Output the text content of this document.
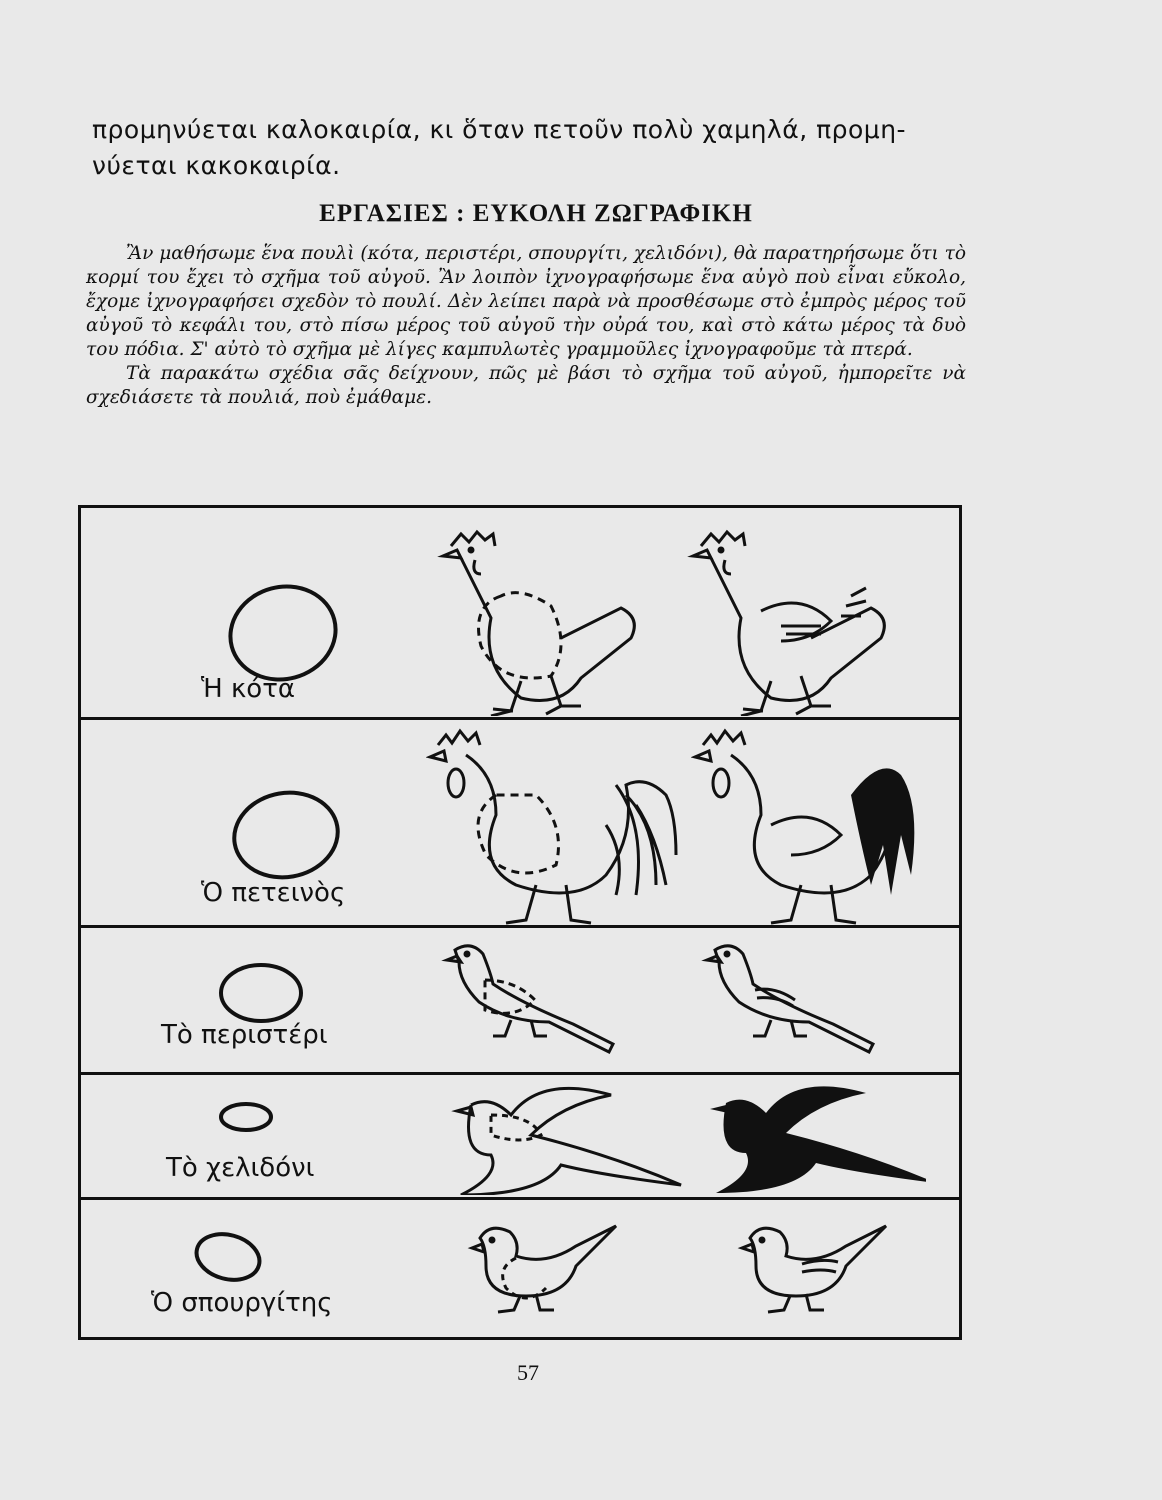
προμηνύεται καλοκαιρία, κι ὅταν πετοῦν πολὺ χαμηλά, προμη-

νύεται κακοκαιρία.

ΕΡΓΑΣΙΕΣ : ΕΥΚΟΛΗ ΖΩΓΡΑΦΙΚΗ

Ἂν μαθήσωμε ἕνα πουλὶ (κότα, περιστέρι, σπουργίτι, χελιδόνι), θὰ παρατηρήσωμε ὅτι τὸ κορμί του ἔχει τὸ σχῆμα τοῦ αὐγοῦ. Ἂν λοιπὸν ἰχνογραφήσωμε ἕνα αὐγὸ ποὺ εἶναι εὔκολο, ἔχομε ἰχνογραφήσει σχεδὸν τὸ πουλί. Δὲν λείπει παρὰ νὰ προσθέσωμε στὸ ἐμπρὸς μέρος τοῦ αὐγοῦ τὸ κεφάλι του, στὸ πίσω μέρος τοῦ αὐγοῦ τὴν οὐρά του, καὶ στὸ κάτω μέρος τὰ δυὸ του πόδια. Σ' αὐτὸ τὸ σχῆμα μὲ λίγες καμπυλωτὲς γραμμοῦλες ἰχνογραφοῦμε τὰ πτερά.

Τὰ παρακάτω σχέδια σᾶς δείχνουν, πῶς μὲ βάσι τὸ σχῆμα τοῦ αὐγοῦ, ἠμπορεῖτε νὰ σχεδιάσετε τὰ πουλιά, ποὺ ἐμάθαμε.

Ἡ κότα
Ὁ πετεινὸς
Τὸ περιστέρι
Τὸ χελιδόνι
Ὁ σπουργίτης
57
